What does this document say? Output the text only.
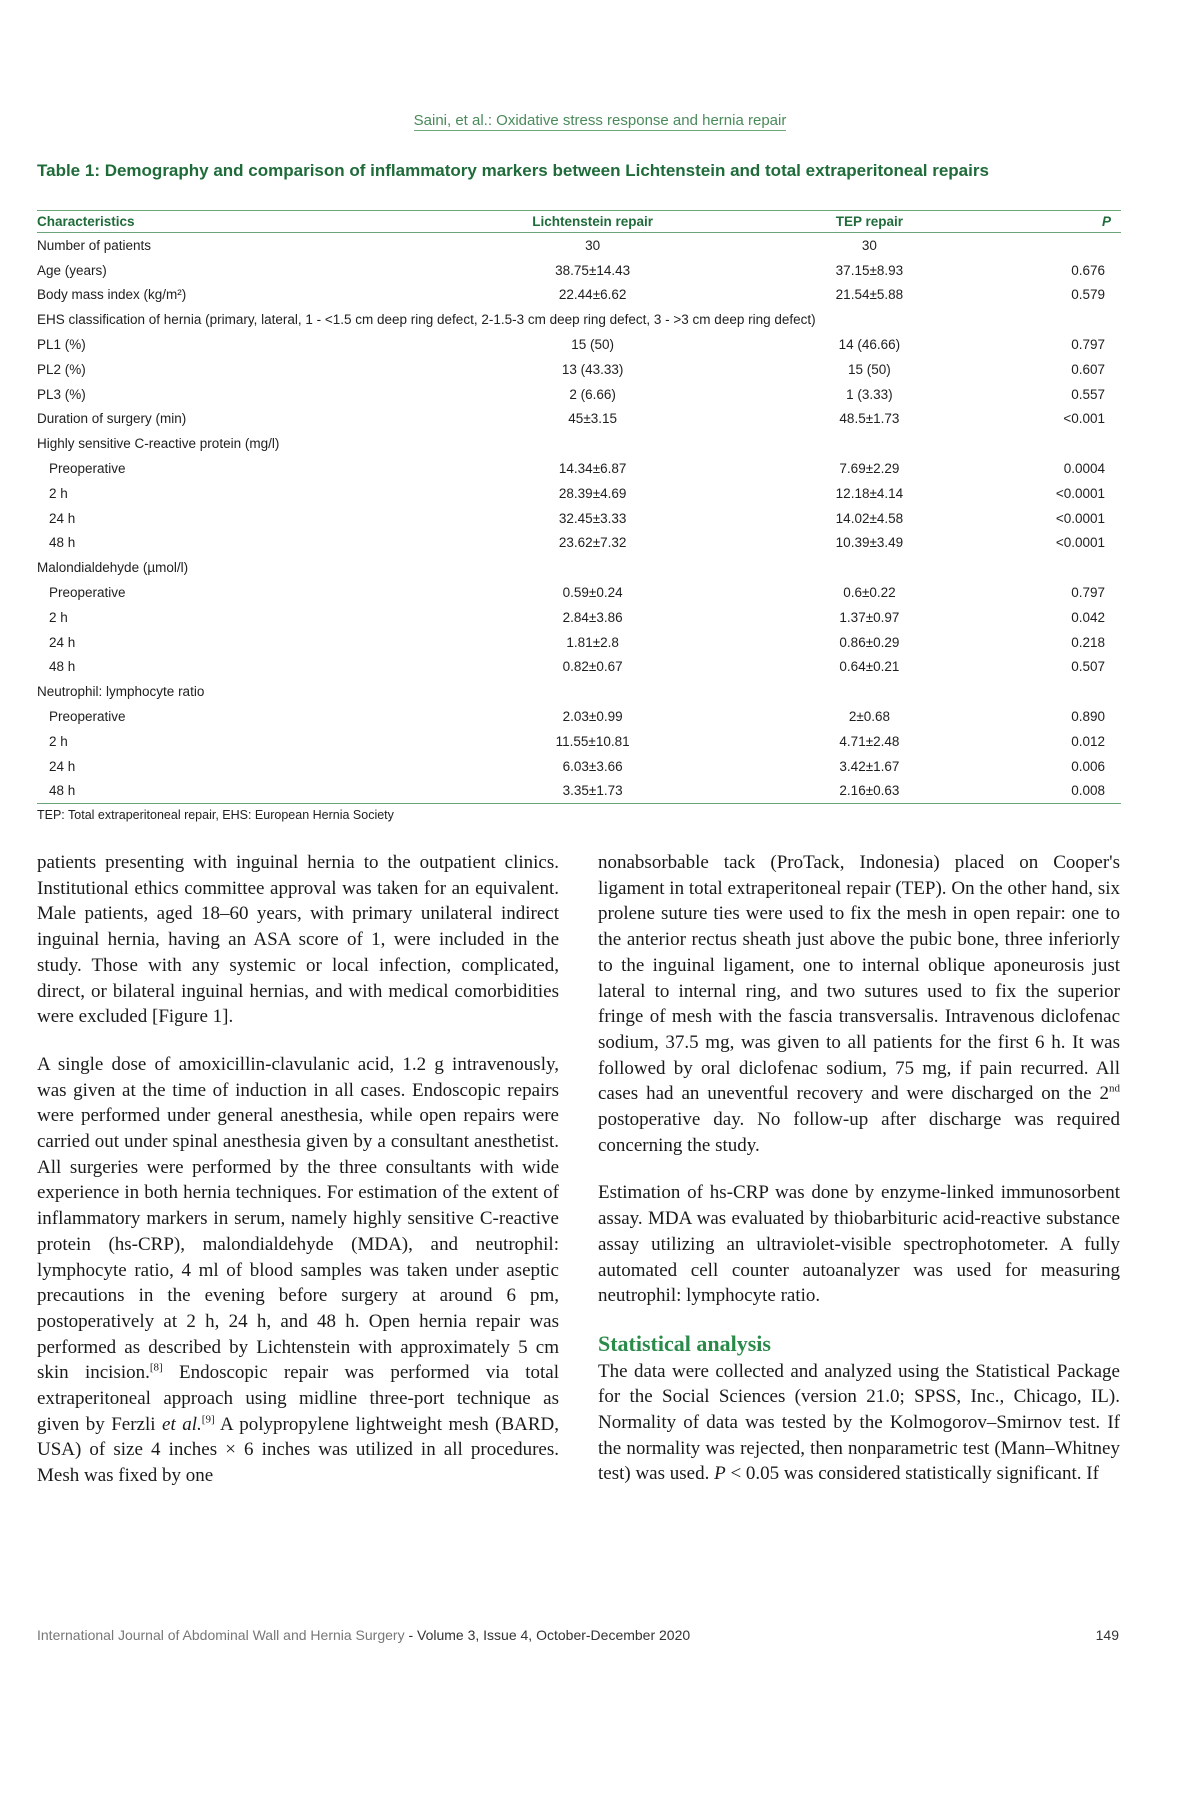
Saini, et al.: Oxidative stress response and hernia repair
Table 1: Demography and comparison of inflammatory markers between Lichtenstein and total extraperitoneal repairs
Characteristics	Lichtenstein repair	TEP repair	P
Number of patients	30	30	
Age (years)	38.75±14.43	37.15±8.93	0.676
Body mass index (kg/m²)	22.44±6.62	21.54±5.88	0.579
EHS classification of hernia (primary, lateral, 1 - <1.5 cm deep ring defect, 2-1.5-3 cm deep ring defect, 3 - >3 cm deep ring defect)			
PL1 (%)	15 (50)	14 (46.66)	0.797
PL2 (%)	13 (43.33)	15 (50)	0.607
PL3 (%)	2 (6.66)	1 (3.33)	0.557
Duration of surgery (min)	45±3.15	48.5±1.73	<0.001
Highly sensitive C-reactive protein (mg/l)			
Preoperative	14.34±6.87	7.69±2.29	0.0004
2 h	28.39±4.69	12.18±4.14	<0.0001
24 h	32.45±3.33	14.02±4.58	<0.0001
48 h	23.62±7.32	10.39±3.49	<0.0001
Malondialdehyde (µmol/l)			
Preoperative	0.59±0.24	0.6±0.22	0.797
2 h	2.84±3.86	1.37±0.97	0.042
24 h	1.81±2.8	0.86±0.29	0.218
48 h	0.82±0.67	0.64±0.21	0.507
Neutrophil: lymphocyte ratio			
Preoperative	2.03±0.99	2±0.68	0.890
2 h	11.55±10.81	4.71±2.48	0.012
24 h	6.03±3.66	3.42±1.67	0.006
48 h	3.35±1.73	2.16±0.63	0.008
TEP: Total extraperitoneal repair, EHS: European Hernia Society

patients presenting with inguinal hernia to the outpatient clinics. Institutional ethics committee approval was taken for an equivalent. Male patients, aged 18–60 years, with primary unilateral indirect inguinal hernia, having an ASA score of 1, were included in the study. Those with any systemic or local infection, complicated, direct, or bilateral inguinal hernias, and with medical comorbidities were excluded [Figure 1].

A single dose of amoxicillin-clavulanic acid, 1.2 g intravenously, was given at the time of induction in all cases. Endoscopic repairs were performed under general anesthesia, while open repairs were carried out under spinal anesthesia given by a consultant anesthetist. All surgeries were performed by the three consultants with wide experience in both hernia techniques. For estimation of the extent of inflammatory markers in serum, namely highly sensitive C-reactive protein (hs-CRP), malondialdehyde (MDA), and neutrophil: lymphocyte ratio, 4 ml of blood samples was taken under aseptic precautions in the evening before surgery at around 6 pm, postoperatively at 2 h, 24 h, and 48 h. Open hernia repair was performed as described by Lichtenstein with approximately 5 cm skin incision.[8] Endoscopic repair was performed via total extraperitoneal approach using midline three-port technique as given by Ferzli et al.[9] A polypropylene lightweight mesh (BARD, USA) of size 4 inches × 6 inches was utilized in all procedures. Mesh was fixed by one

nonabsorbable tack (ProTack, Indonesia) placed on Cooper's ligament in total extraperitoneal repair (TEP). On the other hand, six prolene suture ties were used to fix the mesh in open repair: one to the anterior rectus sheath just above the pubic bone, three inferiorly to the inguinal ligament, one to internal oblique aponeurosis just lateral to internal ring, and two sutures used to fix the superior fringe of mesh with the fascia transversalis. Intravenous diclofenac sodium, 37.5 mg, was given to all patients for the first 6 h. It was followed by oral diclofenac sodium, 75 mg, if pain recurred. All cases had an uneventful recovery and were discharged on the 2nd postoperative day. No follow-up after discharge was required concerning the study.

Estimation of hs-CRP was done by enzyme-linked immunosorbent assay. MDA was evaluated by thiobarbituric acid-reactive substance assay utilizing an ultraviolet-visible spectrophotometer. A fully automated cell counter autoanalyzer was used for measuring neutrophil: lymphocyte ratio.

Statistical analysis

The data were collected and analyzed using the Statistical Package for the Social Sciences (version 21.0; SPSS, Inc., Chicago, IL). Normality of data was tested by the Kolmogorov–Smirnov test. If the normality was rejected, then nonparametric test (Mann–Whitney test) was used. P < 0.05 was considered statistically significant. If

International Journal of Abdominal Wall and Hernia Surgery - Volume 3, Issue 4, October-December 2020	149
